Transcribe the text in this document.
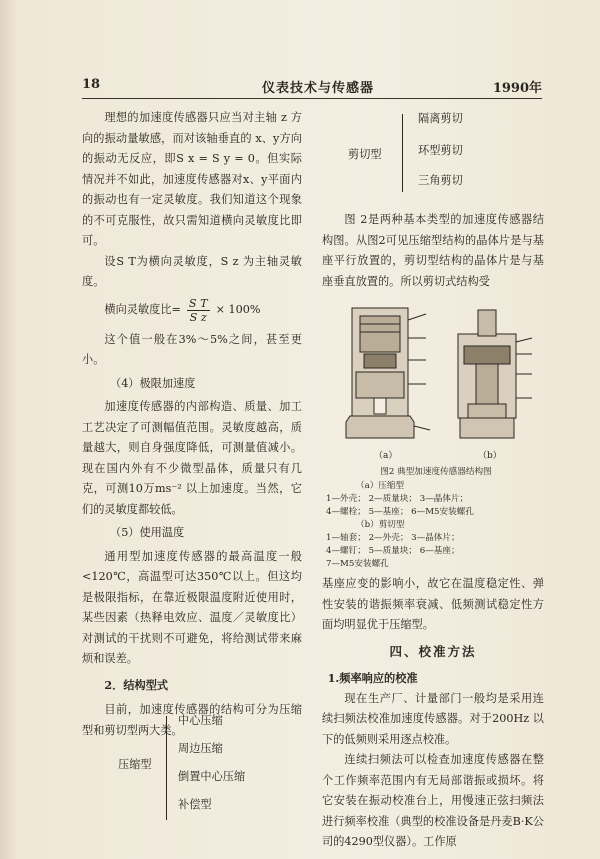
18	仪表技术与传感器	1990年

理想的加速度传感器只应当对主轴 z 方向的振动量敏感，而对该轴垂直的 x、y方向的振动无反应，即S x = S y = 0。但实际情况并不如此，加速度传感器对x、y平面内的振动也有一定灵敏度。我们知道这个现象的不可克服性，故只需知道横向灵敏度比即可。

设S T为横向灵敏度，S z 为主轴灵敏度。

横向灵敏度比= $\frac{\text{S T}}{\text{S z}} \times 100\%$

这个值一般在3%～5%之间，甚至更小。

（4）极限加速度

加速度传感器的内部构造、质量、加工工艺决定了可测幅值范围。灵敏度越高，质量越大，则自身强度降低，可测量值减小。现在国内外有不少微型晶体，质量只有几克，可测10万ms⁻² 以上加速度。当然，它们的灵敏度都较低。

（5）使用温度

通用型加速度传感器的最高温度一般<120℃，高温型可达350℃以上。但这均是极限指标，在靠近极限温度附近使用时，某些因素（热释电效应、温度／灵敏度比）对测试的干扰则不可避免，将给测试带来麻烦和误差。

2．结构型式

目前，加速度传感器的结构可分为压缩型和剪切型两大类。

压缩型
中心压缩
周边压缩
倒置中心压缩
补偿型
剪切型
隔离剪切
环型剪切
三角剪切

图 2是两种基本类型的加速度传感器结构图。从图2可见压缩型结构的晶体片是与基座平行放置的，剪切型结构的晶体片是与基座垂直放置的。所以剪切式结构受

（a）	（b）
图2 典型加速度传感器结构图
（a）压缩型
1—外壳； 2—质量块； 3—晶体片；
4—螺栓； 5—基座； 6—M5安装螺孔
（b）剪切型
1—轴套； 2—外壳； 3—晶体片；
4—螺钉； 5—质量块； 6—基座；
7—M5安装螺孔

基座应变的影响小，故它在温度稳定性、弹性安装的谐振频率衰减、低频测试稳定性方面均明显优于压缩型。

四、校准方法

1.频率响应的校准

现在生产厂、计量部门一般均是采用连续扫频法校准加速度传感器。对于200Hz 以下的低频则采用逐点校准。

连续扫频法可以检查加速度传感器在整个工作频率范围内有无局部谐振或损坏。将它安装在振动校准台上，用慢速正弦扫频法进行频率校准（典型的校准设备是丹麦B·K公司的4290型仪器）。工作原
